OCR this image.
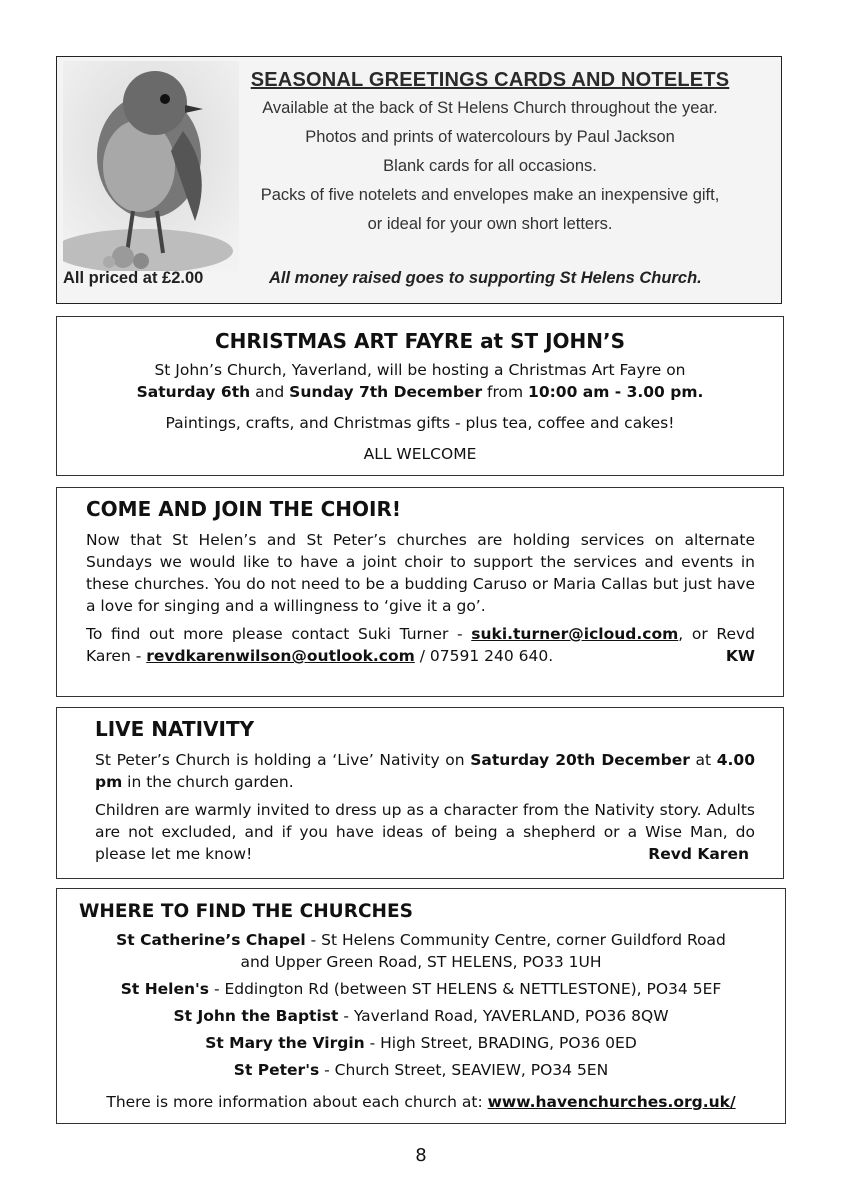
SEASONAL GREETINGS CARDS AND NOTELETS

Available at the back of St Helens Church throughout the year.

Photos and prints of watercolours by Paul Jackson

Blank cards for all occasions.

Packs of five notelets and envelopes make an inexpensive gift,

or ideal for your own short letters.

All priced at £2.00	All money raised goes to supporting St Helens Church.

CHRISTMAS ART FAYRE at ST JOHN’S

St John’s Church, Yaverland, will be hosting a Christmas Art Fayre on

Saturday 6th and Sunday 7th December from 10:00 am - 3.00 pm.

Paintings, crafts, and Christmas gifts - plus tea, coffee and cakes!

ALL WELCOME

COME AND JOIN THE CHOIR!

Now that St Helen’s and St Peter’s churches are holding services on alternate Sundays we would like to have a joint choir to support the services and events in these churches. You do not need to be a budding Caruso or Maria Callas but just have a love for singing and a willingness to ‘give it a go’.

To find out more please contact Suki Turner - suki.turner@icloud.com, or Revd Karen - revdkarenwilson@outlook.com / 07591 240 640.	KW

LIVE NATIVITY

St Peter’s Church is holding a ‘Live’ Nativity on Saturday 20th December at 4.00 pm in the church garden.

Children are warmly invited to dress up as a character from the Nativity story. Adults are not excluded, and if you have ideas of being a shepherd or a Wise Man, do please let me know!	Revd Karen

WHERE TO FIND THE CHURCHES

St Catherine’s Chapel - St Helens Community Centre, corner Guildford Road
and Upper Green Road, ST HELENS, PO33 1UH
St Helen's - Eddington Rd (between ST HELENS & NETTLESTONE), PO34 5EF
St John the Baptist - Yaverland Road, YAVERLAND, PO36 8QW
St Mary the Virgin - High Street, BRADING, PO36 0ED
St Peter's - Church Street, SEAVIEW, PO34 5EN

There is more information about each church at: www.havenchurches.org.uk/

8
